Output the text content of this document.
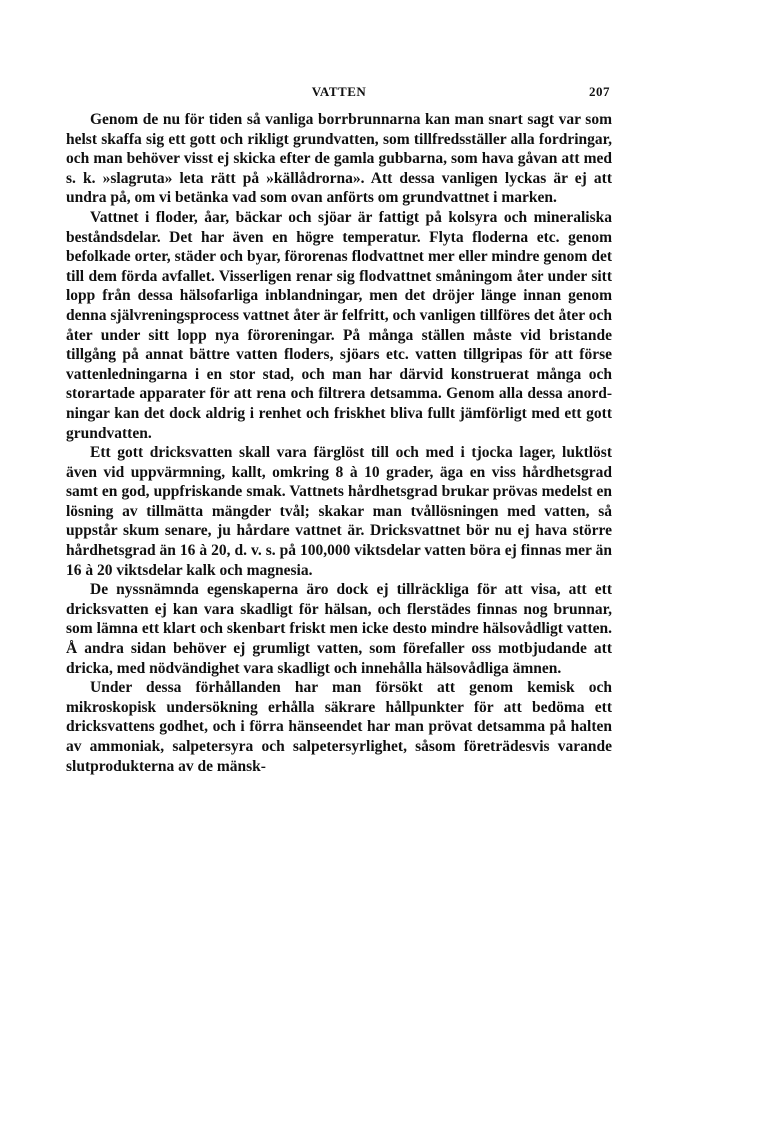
VATTEN	207

Genom de nu för tiden så vanliga borrbrunnarna kan man snart sagt var som helst skaffa sig ett gott och rikligt grundvatten, som tillfredsställer alla fordringar, och man behöver visst ej skicka efter de gamla gubbarna, som hava gåvan att med s. k. »slagruta» leta rätt på »källådrorna». Att dessa vanligen lyckas är ej att undra på, om vi betänka vad som ovan anförts om grundvattnet i marken.

Vattnet i floder, åar, bäckar och sjöar är fattigt på kolsyra och mineraliska beståndsdelar. Det har även en högre temperatur. Flyta floderna etc. genom befolkade orter, städer och byar, förorenas flodvattnet mer eller mindre genom det till dem förda avfallet. Visserligen renar sig flodvattnet småningom åter under sitt lopp från dessa hälsofarliga inblandningar, men det dröjer länge innan genom denna självreningsprocess vattnet åter är felfritt, och vanligen tillföres det åter och åter under sitt lopp nya föroreningar. På många ställen måste vid bristande tillgång på annat bättre vatten floders, sjöars etc. vatten tillgripas för att förse vattenledningarna i en stor stad, och man har därvid konstruerat många och storartade apparater för att rena och filtrera detsamma. Genom alla dessa anordningar kan det dock aldrig i renhet och friskhet bliva fullt jämförligt med ett gott grundvatten.

Ett gott dricksvatten skall vara färglöst till och med i tjocka lager, luktlöst även vid uppvärmning, kallt, omkring 8 à 10 grader, äga en viss hårdhetsgrad samt en god, uppfriskande smak. Vattnets hårdhetsgrad brukar prövas medelst en lösning av tillmätta mängder tvål; skakar man tvållösningen med vatten, så uppstår skum senare, ju hårdare vattnet är. Dricksvattnet bör nu ej hava större hårdhetsgrad än 16 à 20, d. v. s. på 100,000 viktsdelar vatten böra ej finnas mer än 16 à 20 viktsdelar kalk och magnesia.

De nyssnämnda egenskaperna äro dock ej tillräckliga för att visa, att ett dricksvatten ej kan vara skadligt för hälsan, och flerstädes finnas nog brunnar, som lämna ett klart och skenbart friskt men icke desto mindre hälsovådligt vatten. Å andra sidan behöver ej grumligt vatten, som förefaller oss motbjudande att dricka, med nödvändighet vara skadligt och innehålla hälsovådliga ämnen.

Under dessa förhållanden har man försökt att genom kemisk och mikroskopisk undersökning erhålla säkrare hållpunkter för att bedöma ett dricksvattens godhet, och i förra hänseendet har man prövat detsamma på halten av ammoniak, salpetersyra och salpetersyrlighet, såsom företrädesvis varande slutprodukterna av de mänsk-
